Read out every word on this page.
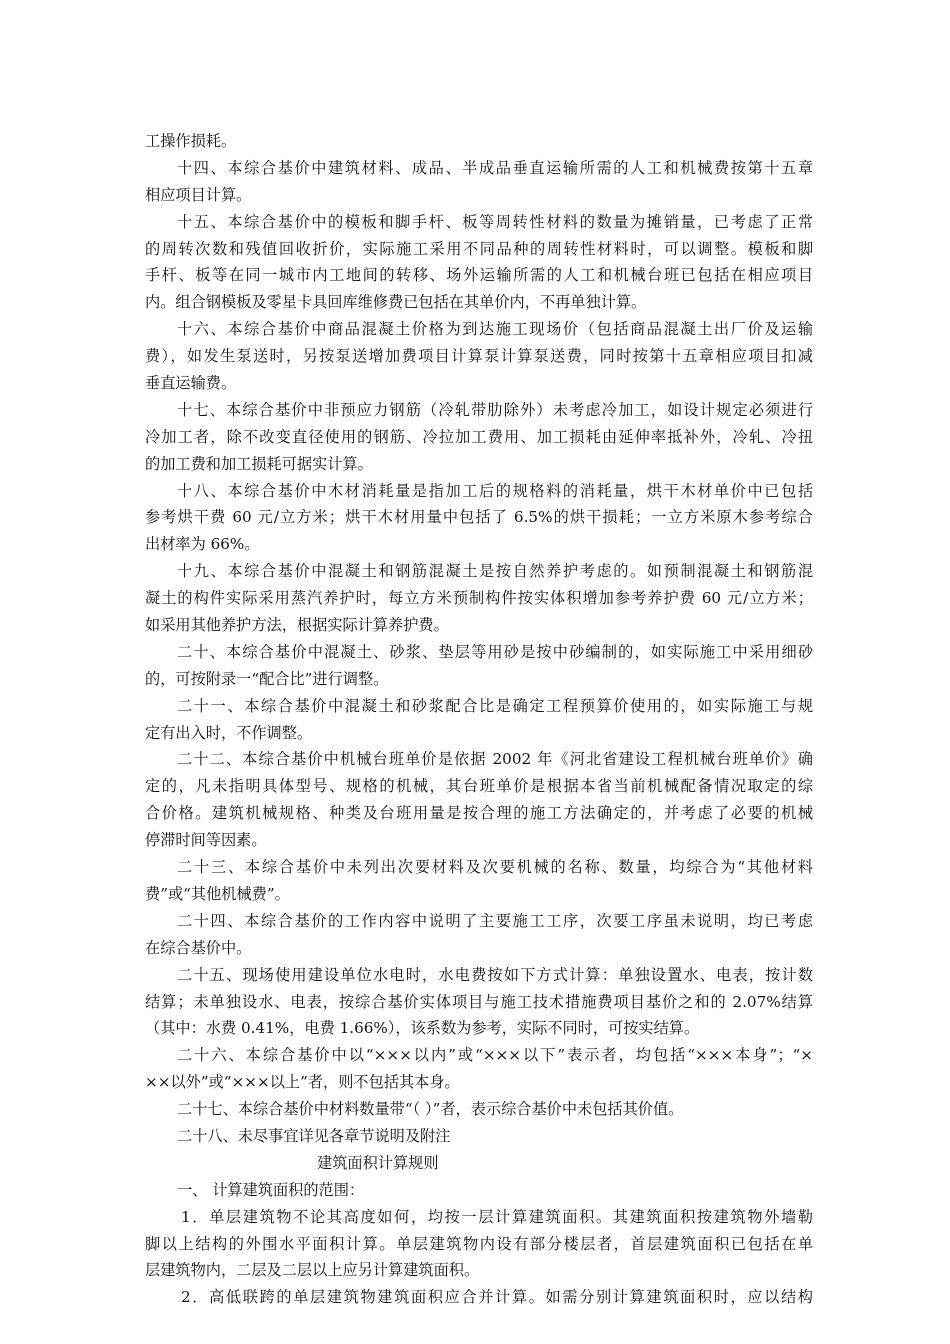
工操作损耗。
十四、本综合基价中建筑材料、成品、半成品垂直运输所需的人工和机械费按第十五章
相应项目计算。
十五、本综合基价中的模板和脚手杆、板等周转性材料的数量为摊销量，已考虑了正常
的周转次数和残值回收折价，实际施工采用不同品种的周转性材料时，可以调整。模板和脚
手杆、板等在同一城市内工地间的转移、场外运输所需的人工和机械台班已包括在相应项目
内。组合钢模板及零星卡具回库维修费已包括在其单价内，不再单独计算。
十六、本综合基价中商品混凝土价格为到达施工现场价（包括商品混凝土出厂价及运输
费），如发生泵送时，另按泵送增加费项目计算泵计算泵送费，同时按第十五章相应项目扣减
垂直运输费。
十七、本综合基价中非预应力钢筋（冷轧带肋除外）未考虑冷加工，如设计规定必须进行
冷加工者，除不改变直径使用的钢筋、冷拉加工费用、加工损耗由延伸率抵补外，冷轧、冷扭
的加工费和加工损耗可据实计算。
十八、本综合基价中木材消耗量是指加工后的规格料的消耗量，烘干木材单价中已包括
参考烘干费 60 元/立方米；烘干木材用量中包括了 6.5%的烘干损耗；一立方米原木参考综合
出材率为 66%。
十九、本综合基价中混凝土和钢筋混凝土是按自然养护考虑的。如预制混凝土和钢筋混
凝土的构件实际采用蒸汽养护时，每立方米预制构件按实体积增加参考养护费 60 元/立方米；
如采用其他养护方法，根据实际计算养护费。
二十、本综合基价中混凝土、砂浆、垫层等用砂是按中砂编制的，如实际施工中采用细砂
的，可按附录一“配合比”进行调整。
二十一、本综合基价中混凝土和砂浆配合比是确定工程预算价使用的，如实际施工与规
定有出入时，不作调整。
二十二、本综合基价中机械台班单价是依据 2002 年《河北省建设工程机械台班单价》确
定的，凡未指明具体型号、规格的机械，其台班单价是根据本省当前机械配备情况取定的综
合价格。建筑机械规格、种类及台班用量是按合理的施工方法确定的，并考虑了必要的机械
停滞时间等因素。
二十三、本综合基价中未列出次要材料及次要机械的名称、数量，均综合为“其他材料
费”或“其他机械费”。
二十四、本综合基价的工作内容中说明了主要施工工序，次要工序虽未说明，均已考虑
在综合基价中。
二十五、现场使用建设单位水电时，水电费按如下方式计算：单独设置水、电表，按计数
结算；未单独设水、电表，按综合基价实体项目与施工技术措施费项目基价之和的 2.07%结算
（其中：水费 0.41%，电费 1.66%），该系数为参考，实际不同时，可按实结算。
二十六、本综合基价中以“×××以内”或“×××以下”表示者，均包括“×××本身”；“×
××以外”或“×××以上”者，则不包括其本身。
二十七、本综合基价中材料数量带“（ ）”者，表示综合基价中未包括其价值。
二十八、未尽事宜详见各章节说明及附注
建筑面积计算规则
一、 计算建筑面积的范围：
1．单层建筑物不论其高度如何，均按一层计算建筑面积。其建筑面积按建筑物外墙勒
脚以上结构的外围水平面积计算。单层建筑物内设有部分楼层者，首层建筑面积已包括在单
层建筑物内，二层及二层以上应另计算建筑面积。
2．高低联跨的单层建筑物建筑面积应合并计算。如需分别计算建筑面积时，应以结构
